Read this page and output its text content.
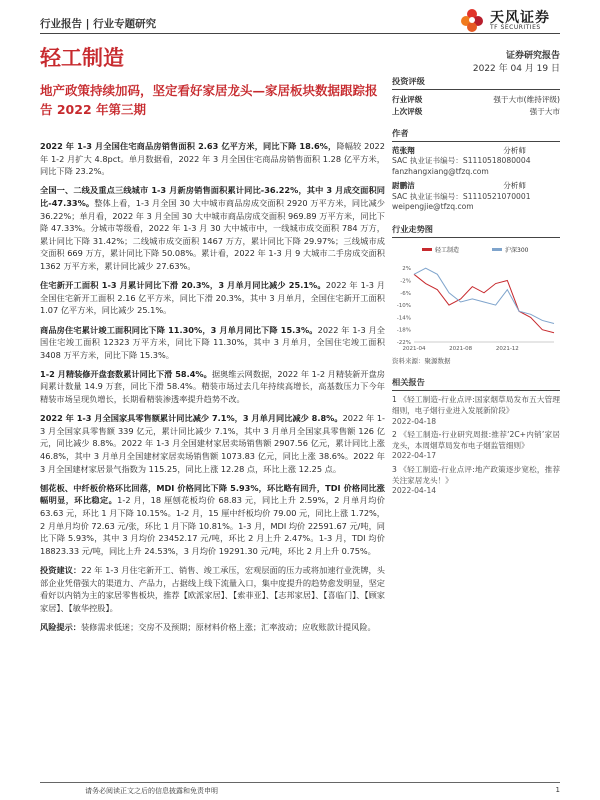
行业报告 | 行业专题研究	天风证券
TF SECURITIES
轻工制造	证券研究报告
2022 年 04 月 19 日
地产政策持续加码，坚定看好家居龙头—家居板块数据跟踪报告 2022 年第三期

2022 年 1-3 月全国住宅商品房销售面积 2.63 亿平方米，同比下降 18.6%，降幅较 2022 年 1-2 月扩大 4.8pct。单月数据看，2022 年 3 月全国住宅商品房销售面积 1.28 亿平方米，同比下降 23.2%。

全国一、二线及重点三线城市 1-3 月新房销售面积累计同比-36.22%，其中 3 月成交面积同比-47.33%。整体上看，1-3 月全国 30 大中城市商品房成交面积 2920 万平方米，同比减少 36.22%；单月看，2022 年 3 月全国 30 大中城市商品房成交面积 969.89 万平方米，同比下降 47.33%。分城市等级看，2022 年 1-3 月 30 大中城市中，一线城市成交面积 784 万方，累计同比下降 31.42%；二线城市成交面积 1467 万方，累计同比下降 29.97%；三线城市成交面积 669 万方，累计同比下降 50.08%。累计看，2022 年 1-3 月 9 大城市二手房成交面积 1362 万平方米，累计同比减少 27.63%。

住宅新开工面积 1-3 月累计同比下滑 20.3%，3 月单月同比减少 25.1%。2022 年 1-3 月全国住宅新开工面积 2.16 亿平方米，同比下滑 20.3%，其中 3 月单月，全国住宅新开工面积 1.07 亿平方米，同比减少 25.1%。

商品房住宅累计竣工面积同比下降 11.30%，3 月单月同比下降 15.3%。2022 年 1-3 月全国住宅竣工面积 12323 万平方米，同比下降 11.30%，其中 3 月单月，全国住宅竣工面积 3408 万平方米，同比下降 15.3%。

1-2 月精装修开盘套数累计同比下滑 58.4%。据奥维云网数据，2022 年 1-2 月精装新开盘房间累计数量 14.9 万套，同比下滑 58.4%。精装市场过去几年持续高增长，高基数压力下今年精装市场呈现负增长，长期看精装渗透率提升趋势不改。

2022 年 1-3 月全国家具零售额累计同比减少 7.1%，3 月单月同比减少 8.8%。2022 年 1-3 月全国家具零售额 339 亿元，累计同比减少 7.1%，其中 3 月单月全国家具零售额 126 亿元，同比减少 8.8%。2022 年 1-3 月全国建材家居卖场销售额 2907.56 亿元，累计同比上涨 46.8%，其中 3 月单月全国建材家居卖场销售额 1073.83 亿元，同比上涨 38.6%。2022 年 3 月全国建材家居景气指数为 115.25，同比上涨 12.28 点，环比上涨 12.25 点。

刨花板、中纤板价格环比回落，MDI 价格同比下降 5.93%，环比略有回升，TDI 价格同比涨幅明显，环比稳定。1-2 月，18 厘刨花板均价 68.83 元，同比上升 2.59%，2 月单月均价 63.63 元，环比 1 月下降 10.15%。1-2 月，15 厘中纤板均价 79.00 元，同比上涨 1.72%，2 月单月均价 72.63 元/张，环比 1 月下降 10.81%。1-3 月，MDI 均价 22591.67 元/吨，同比下降 5.93%，其中 3 月均价 23452.17 元/吨，环比 2 月上升 2.47%。1-3 月，TDI 均价 18823.33 元/吨，同比上升 24.53%，3 月均价 19291.30 元/吨，环比 2 月上升 0.75%。

投资建议：22 年 1-3 月住宅新开工、销售、竣工承压，宏观层面的压力或将加速行业洗牌，头部企业凭借强大的渠道力、产品力，占据线上线下流量入口，集中度提升的趋势愈发明显，坚定看好以内销为主的家居零售板块，推荐【欧派家居】、【索菲亚】、【志邦家居】、【喜临门】、【顾家家居】、【敏华控股】。

风险提示：装修需求低迷；交房不及预期；原材料价格上涨；汇率波动；应收账款计提风险。

投资评级
行业评级	强于大市(维持评级)
上次评级	强于大市
作者
范张翔	分析师
SAC 执业证书编号：S1110518080004
fanzhangxiang@tfzq.com
尉鹏洁	分析师
SAC 执业证书编号：S1110521070001
weipengjie@tfzq.com
行业走势图
2%
-2%
-6%
-10%
-14%
-18%
-22%
2021-04	2021-08	2021-12
轻工制造	沪深300
资料来源：聚源数据
相关报告
1 《轻工制造-行业点评:国家烟草局发布五大管理细则，电子烟行业进入发展新阶段》
2022-04-18
2 《轻工制造-行业研究周报:推荐‘2C+内销’家居龙头，本周烟草局发布电子烟监管细则》
2022-04-17
3 《轻工制造-行业点评:地产政策逐步宽松，推荐关注家居龙头！》
2022-04-14
请务必阅读正文之后的信息披露和免责申明	1
